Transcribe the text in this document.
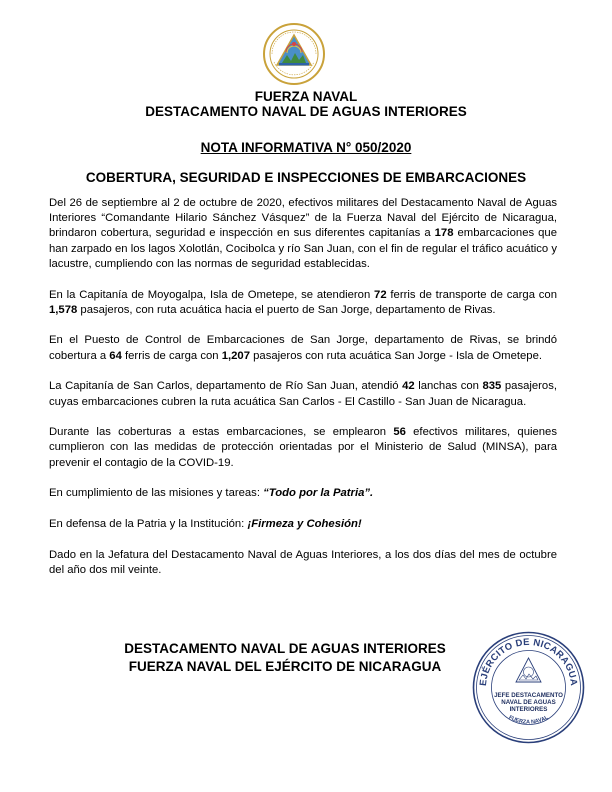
FUERZA NAVAL
DESTACAMENTO NAVAL DE AGUAS INTERIORES
NOTA INFORMATIVA N° 050/2020
COBERTURA, SEGURIDAD E INSPECCIONES DE EMBARCACIONES

Del 26 de septiembre al 2 de octubre de 2020, efectivos militares del Destacamento Naval de Aguas Interiores “Comandante Hilario Sánchez Vásquez” de la Fuerza Naval del Ejército de Nicaragua, brindaron cobertura, seguridad e inspección en sus diferentes capitanías a 178 embarcaciones que han zarpado en los lagos Xolotlán, Cocibolca y río San Juan, con el fin de regular el tráfico acuático y lacustre, cumpliendo con las normas de seguridad establecidas.

En la Capitanía de Moyogalpa, Isla de Ometepe, se atendieron 72 ferris de transporte de carga con 1,578 pasajeros, con ruta acuática hacia el puerto de San Jorge, departamento de Rivas.

En el Puesto de Control de Embarcaciones de San Jorge, departamento de Rivas, se brindó cobertura a 64 ferris de carga con 1,207 pasajeros con ruta acuática San Jorge - Isla de Ometepe.

La Capitanía de San Carlos, departamento de Río San Juan, atendió 42 lanchas con 835 pasajeros, cuyas embarcaciones cubren la ruta acuática San Carlos - El Castillo - San Juan de Nicaragua.

Durante las coberturas a estas embarcaciones, se emplearon 56 efectivos militares, quienes cumplieron con las medidas de protección orientadas por el Ministerio de Salud (MINSA), para prevenir el contagio de la COVID-19.

En cumplimiento de las misiones y tareas: “Todo por la Patria”.

En defensa de la Patria y la Institución: ¡Firmeza y Cohesión!

Dado en la Jefatura del Destacamento Naval de Aguas Interiores, a los dos días del mes de octubre del año dos mil veinte.

DESTACAMENTO NAVAL DE AGUAS INTERIORES
FUERZA NAVAL DEL EJÉRCITO DE NICARAGUA
EJÉRCITO DE NICARAGUA
FUERZA NAVAL
JEFE DESTACAMENTO
NAVAL DE AGUAS
INTERIORES
